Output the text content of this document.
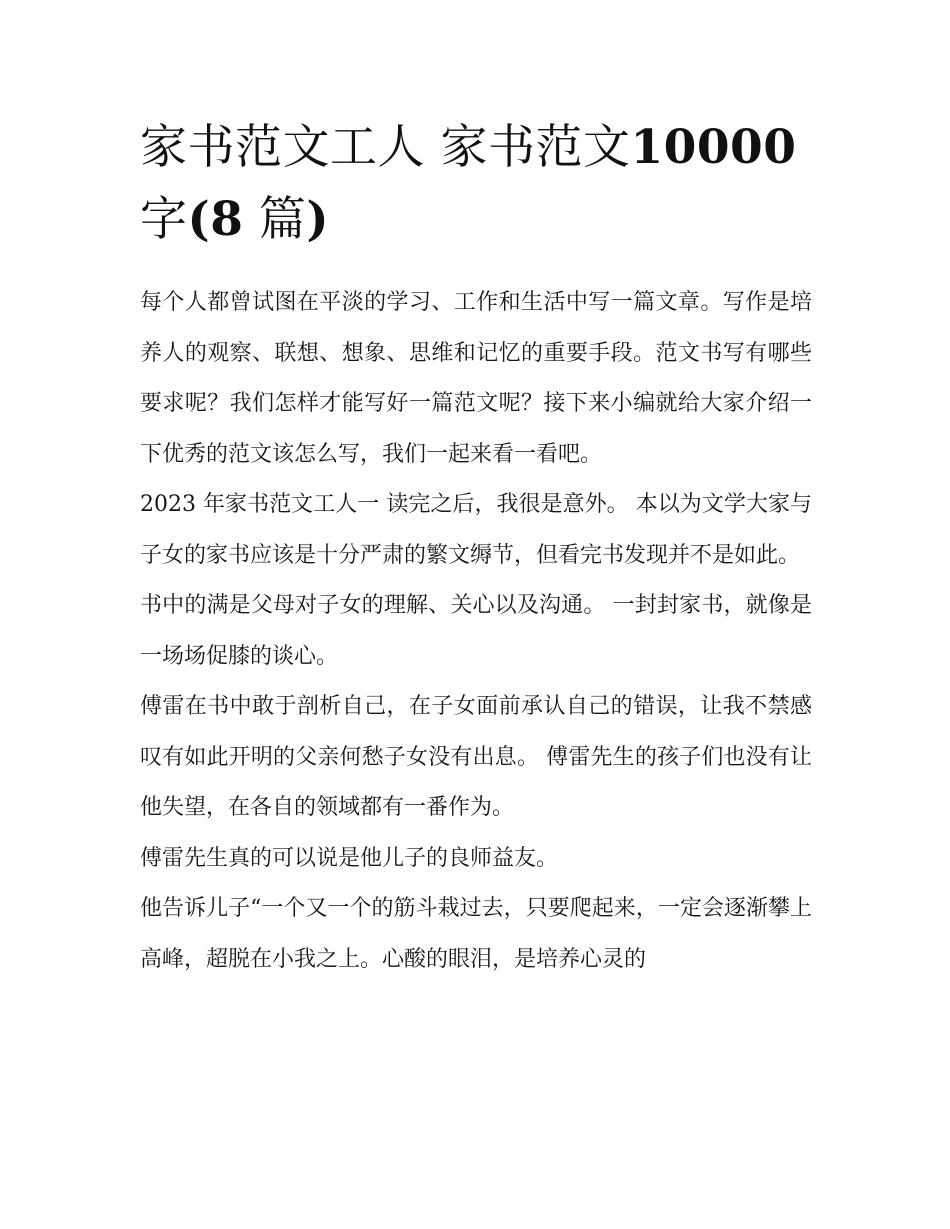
家书范文工人 家书范文10000
字(8 篇)

每个人都曾试图在平淡的学习、工作和生活中写一篇文章。写作是培养人的观察、联想、想象、思维和记忆的重要手段。范文书写有哪些要求呢？我们怎样才能写好一篇范文呢？接下来小编就给大家介绍一下优秀的范文该怎么写，我们一起来看一看吧。

2023 年家书范文工人一 读完之后，我很是意外。 本以为文学大家与子女的家书应该是十分严肃的繁文缛节，但看完书发现并不是如此。

书中的满是父母对子女的理解、关心以及沟通。 一封封家书，就像是一场场促膝的谈心。

傅雷在书中敢于剖析自己，在子女面前承认自己的错误，让我不禁感叹有如此开明的父亲何愁子女没有出息。 傅雷先生的孩子们也没有让他失望，在各自的领域都有一番作为。

傅雷先生真的可以说是他儿子的良师益友。

他告诉儿子“一个又一个的筋斗栽过去，只要爬起来，一定会逐渐攀上高峰，超脱在小我之上。心酸的眼泪，是培养心灵的
